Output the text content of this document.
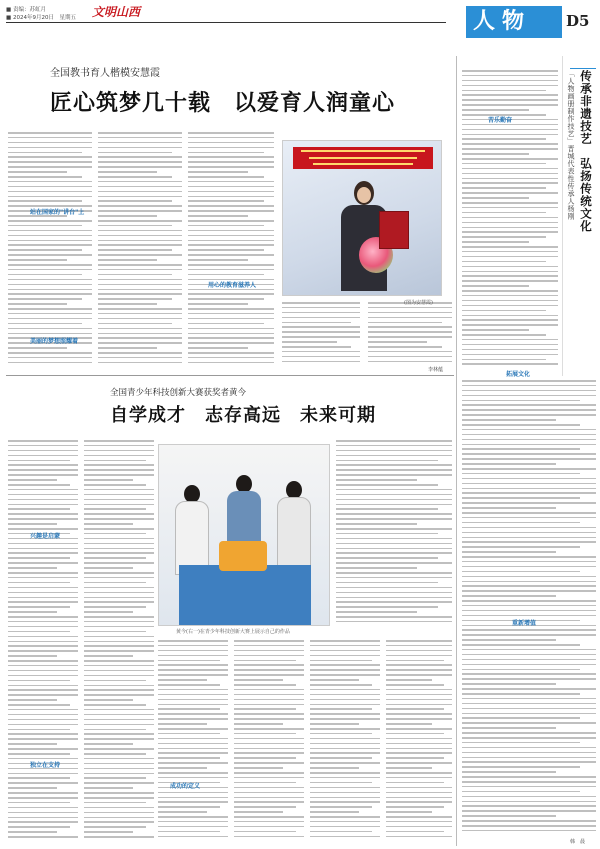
■ 责编：苏虹月
■ 2024年9月20日　星期五 文明山西	人 物	D5
全国教书育人楷模安慧霞
匠心筑梦几十载　以爱育人润童心
站在国家的"讲台"上
美丽的梦想照耀着
用心的教育滋养人
(图为安慧霞)
李林蕴
「人物画册制作技艺」晋城代表性传承人杨刚 传承非遗技艺　弘扬传统文化
苦乐勤奋
拓展文化
重新增值
韩　晨
全国青少年科技创新大赛获奖者黄今
自学成才　志存高远　未来可期
兴趣是启蒙
独立在支持
成功的定义
黄今(右一)在青少年科技创新大赛上展示自己的作品
